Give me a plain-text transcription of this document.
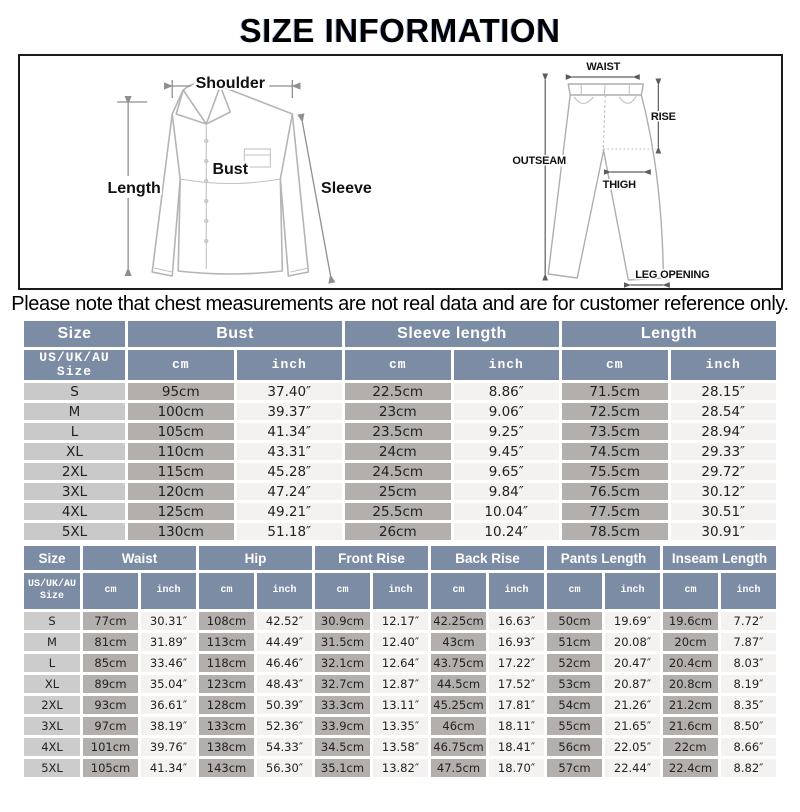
SIZE INFORMATION
Shoulder
Length
Bust
Sleeve
WAIST
RISE
OUTSEAM
THIGH
LEG OPENING
Please note that chest measurements are not real data and are for customer reference only.
Size	Bust		Sleeve length		Length	
US/UK/AU Size	cm	inch	cm	inch	cm	inch
S	95cm	37.40″	22.5cm	8.86″	71.5cm	28.15″
M	100cm	39.37″	23cm	9.06″	72.5cm	28.54″
L	105cm	41.34″	23.5cm	9.25″	73.5cm	28.94″
XL	110cm	43.31″	24cm	9.45″	74.5cm	29.33″
2XL	115cm	45.28″	24.5cm	9.65″	75.5cm	29.72″
3XL	120cm	47.24″	25cm	9.84″	76.5cm	30.12″
4XL	125cm	49.21″	25.5cm	10.04″	77.5cm	30.51″
5XL	130cm	51.18″	26cm	10.24″	78.5cm	30.91″
Size	Waist		Hip		Front Rise		Back Rise		Pants Length		Inseam Length	
US/UK/AU Size	cm	inch	cm	inch	cm	inch	cm	inch	cm	inch	cm	inch
S	77cm	30.31″	108cm	42.52″	30.9cm	12.17″	42.25cm	16.63″	50cm	19.69″	19.6cm	7.72″
M	81cm	31.89″	113cm	44.49″	31.5cm	12.40″	43cm	16.93″	51cm	20.08″	20cm	7.87″
L	85cm	33.46″	118cm	46.46″	32.1cm	12.64″	43.75cm	17.22″	52cm	20.47″	20.4cm	8.03″
XL	89cm	35.04″	123cm	48.43″	32.7cm	12.87″	44.5cm	17.52″	53cm	20.87″	20.8cm	8.19″
2XL	93cm	36.61″	128cm	50.39″	33.3cm	13.11″	45.25cm	17.81″	54cm	21.26″	21.2cm	8.35″
3XL	97cm	38.19″	133cm	52.36″	33.9cm	13.35″	46cm	18.11″	55cm	21.65″	21.6cm	8.50″
4XL	101cm	39.76″	138cm	54.33″	34.5cm	13.58″	46.75cm	18.41″	56cm	22.05″	22cm	8.66″
5XL	105cm	41.34″	143cm	56.30″	35.1cm	13.82″	47.5cm	18.70″	57cm	22.44″	22.4cm	8.82″
